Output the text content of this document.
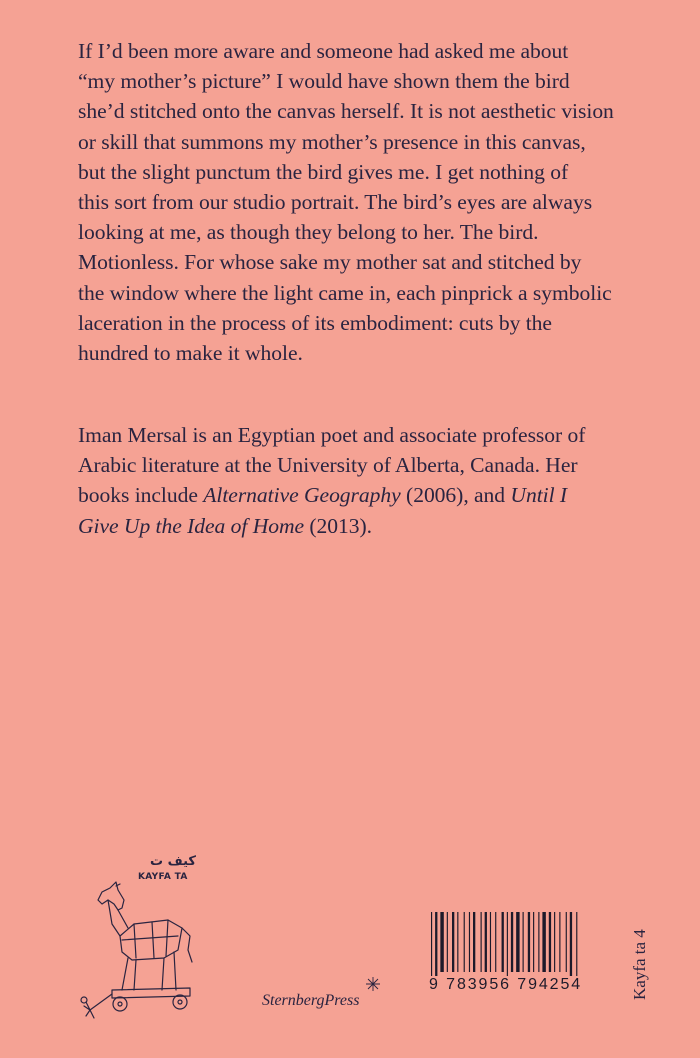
If I’d been more aware and someone had asked me about
“my mother’s picture” I would have shown them the bird
she’d stitched onto the canvas herself. It is not aesthetic vision
or skill that summons my mother’s presence in this canvas,
but the slight punctum the bird gives me. I get nothing of
this sort from our studio portrait. The bird’s eyes are always
looking at me, as though they belong to her. The bird.
Motionless. For whose sake my mother sat and stitched by
the window where the light came in, each pinprick a symbolic
laceration in the process of its embodiment: cuts by the
hundred to make it whole.

Iman Mersal is an Egyptian poet and associate professor of
Arabic literature at the University of Alberta, Canada. Her
books include Alternative Geography (2006), and Until I
Give Up the Idea of Home (2013).

كيف ت
KAYFA TA
SternbergPress
9 783956 794254	Kayfa ta 4
